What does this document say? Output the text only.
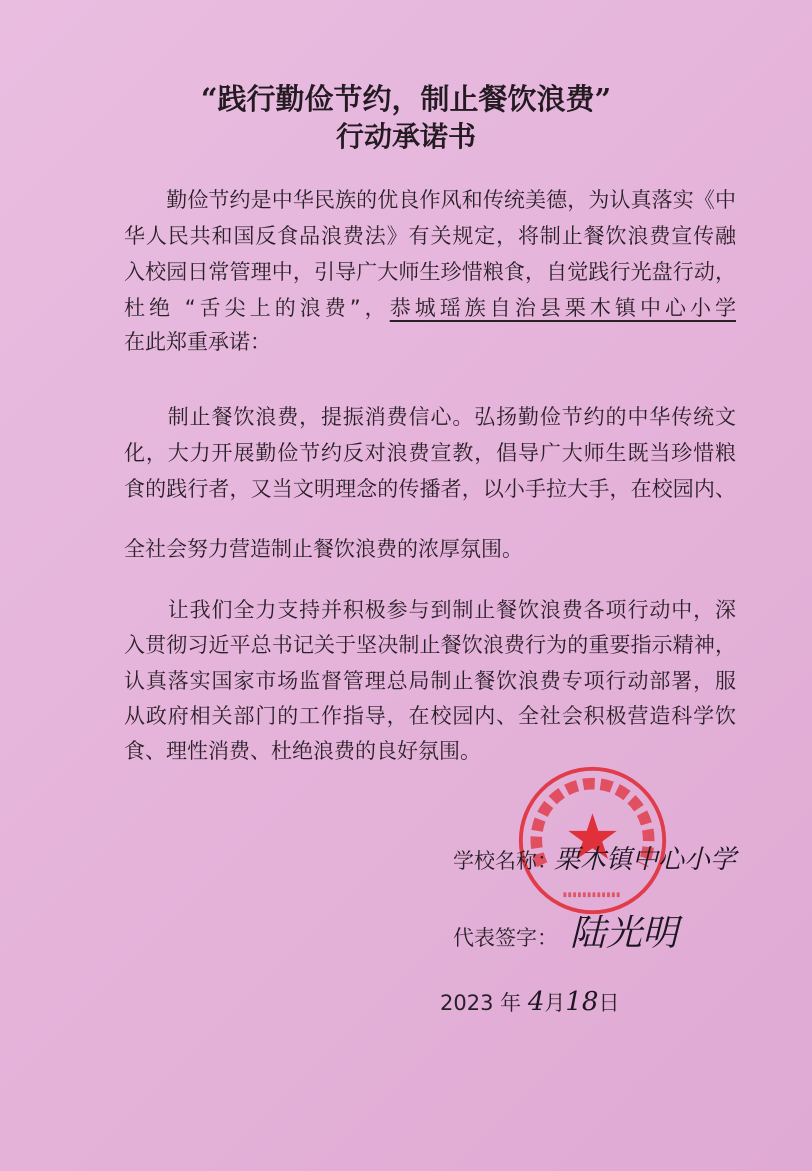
“践行勤俭节约，制止餐饮浪费”
行动承诺书
　　勤俭节约是中华民族的优良作风和传统美德，为认真落实《中
华人民共和国反食品浪费法》有关规定，将制止餐饮浪费宣传融
入校园日常管理中，引导广大师生珍惜粮食，自觉践行光盘行动，
杜绝 “舌尖上的浪费”，恭城瑶族自治县栗木镇中心小学
在此郑重承诺：
　　制止餐饮浪费，提振消费信心。弘扬勤俭节约的中华传统文
化，大力开展勤俭节约反对浪费宣教，倡导广大师生既当珍惜粮
食的践行者，又当文明理念的传播者，以小手拉大手，在校园内、
全社会努力营造制止餐饮浪费的浓厚氛围。
　　让我们全力支持并积极参与到制止餐饮浪费各项行动中，深
入贯彻习近平总书记关于坚决制止餐饮浪费行为的重要指示精神，
认真落实国家市场监督管理总局制止餐饮浪费专项行动部署，服
从政府相关部门的工作指导，在校园内、全社会积极营造科学饮
食、理性消费、杜绝浪费的良好氛围。
学校名称：栗木镇中心小学
代表签字： 陆光明
2023 年 4月18日
